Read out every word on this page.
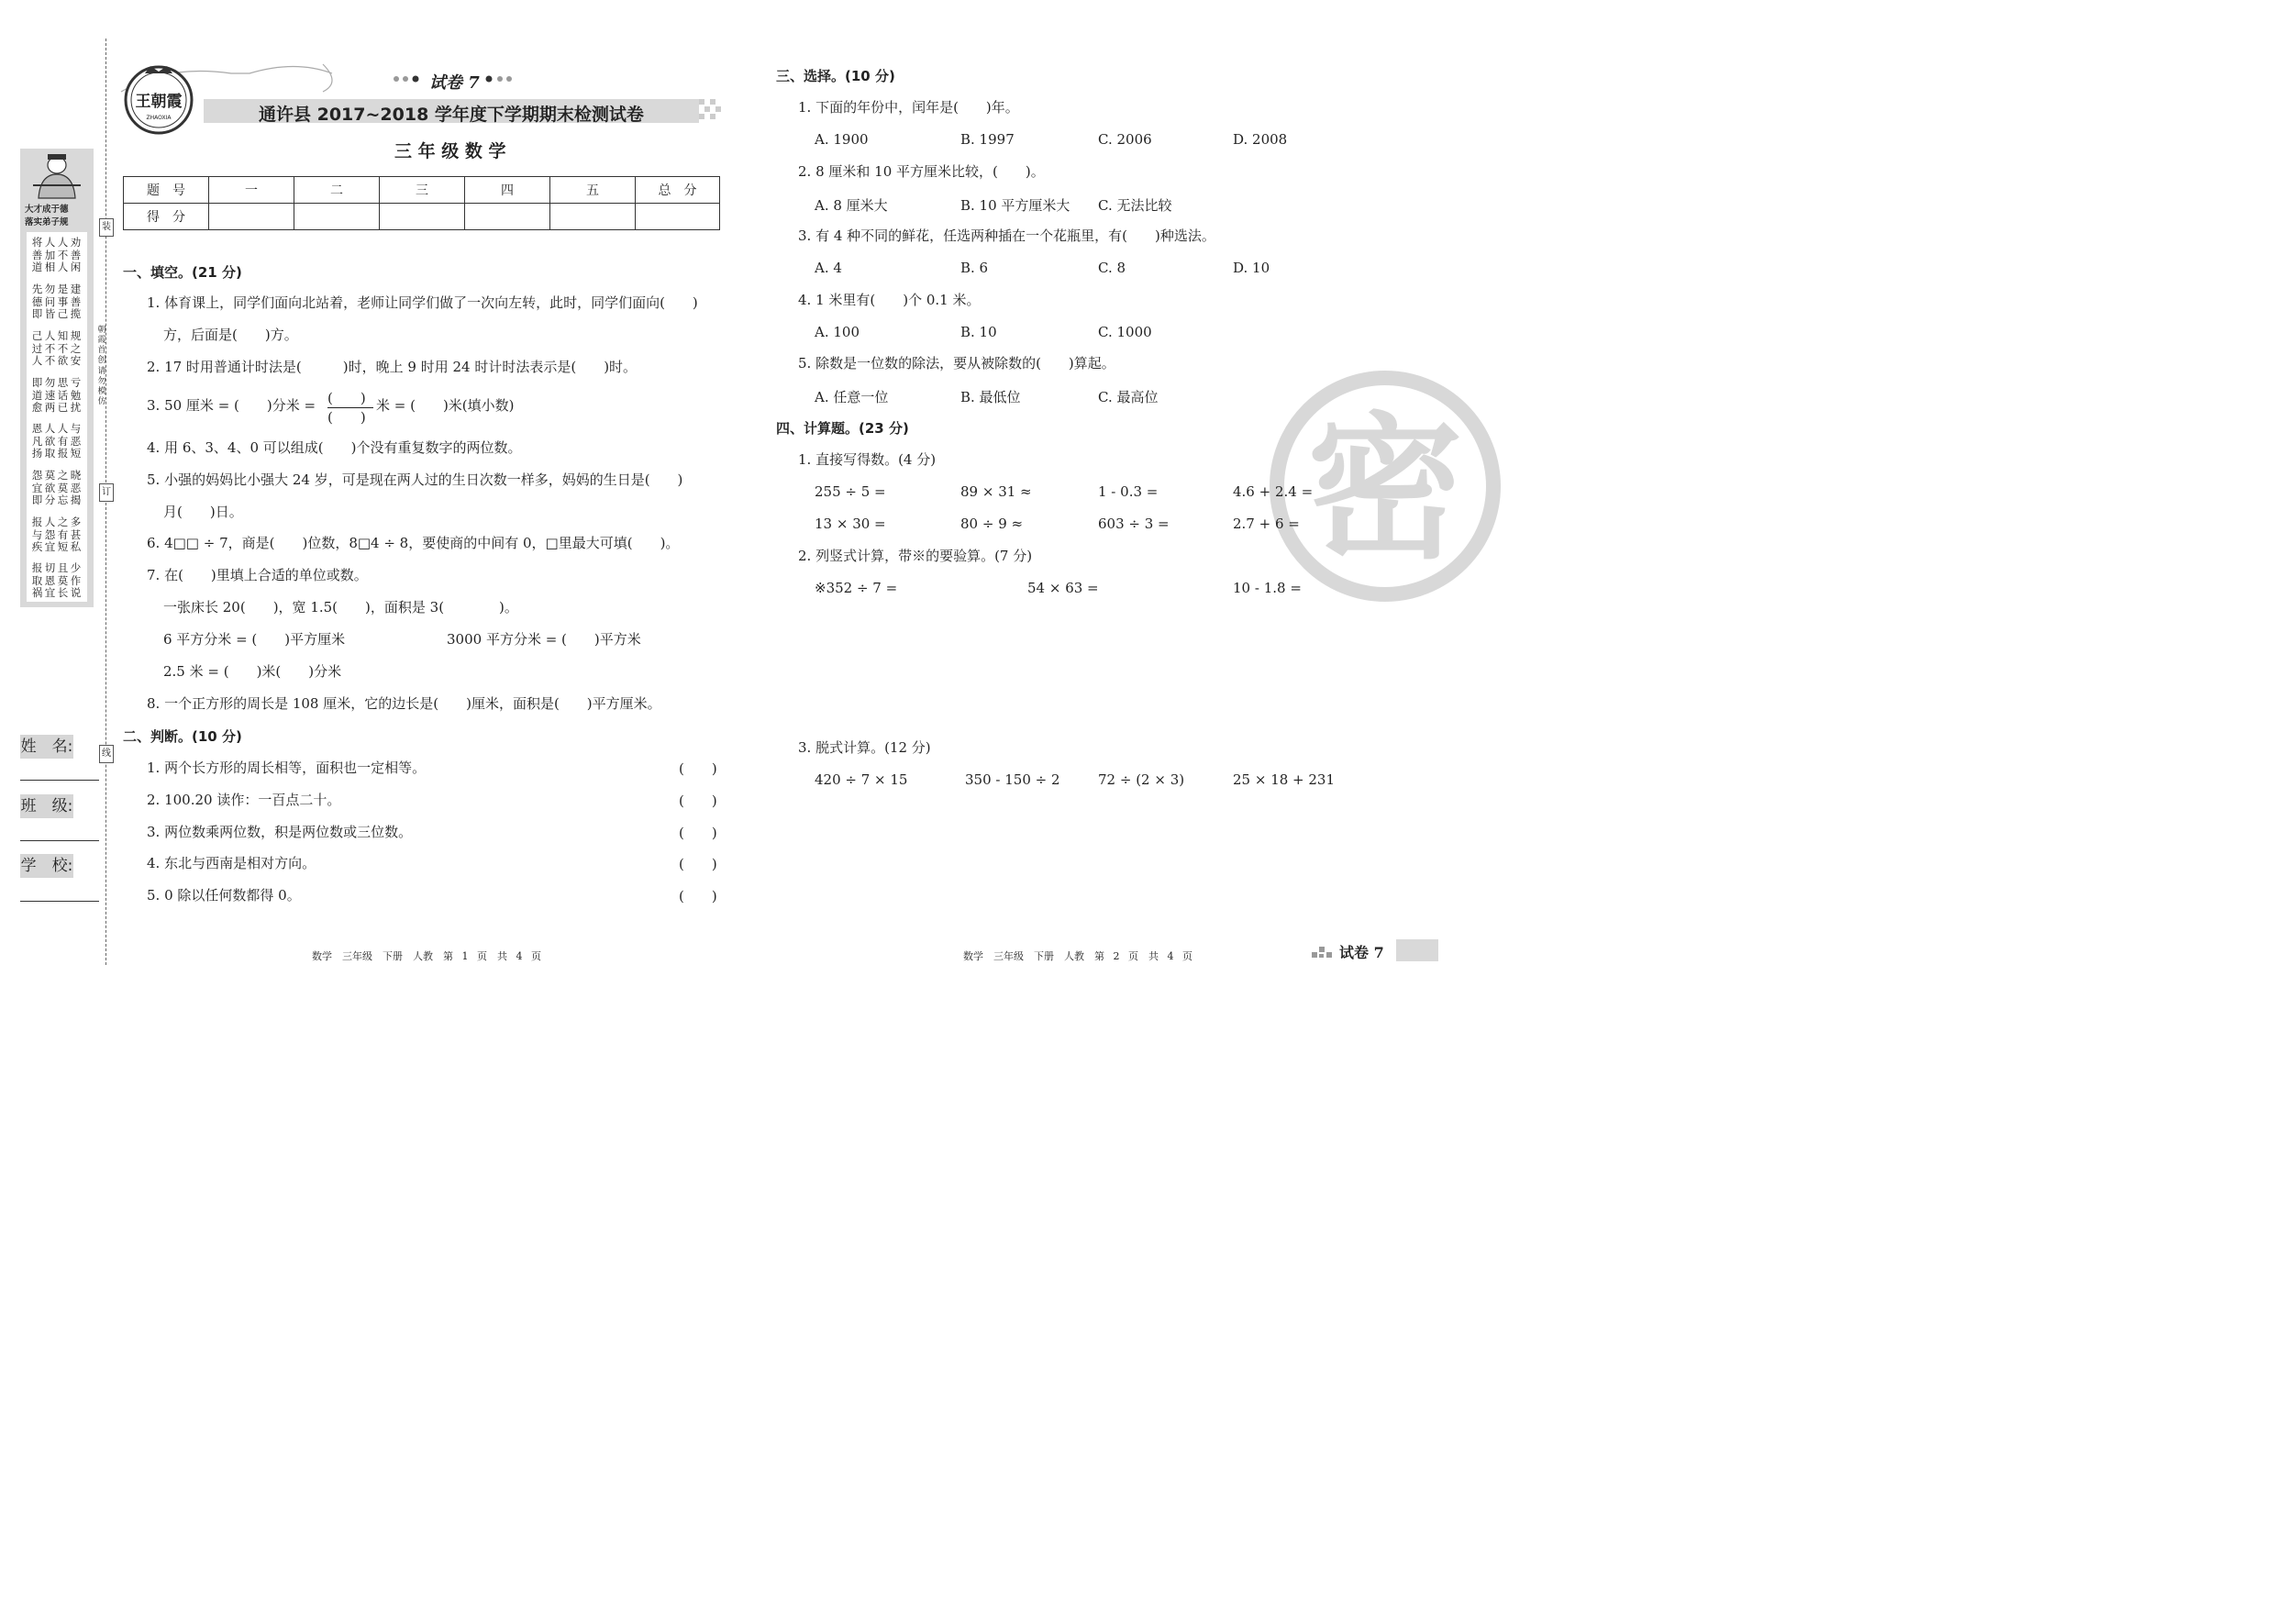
大才成于德
落实弟子规
将善道
人加相
人不人
劝善闲
先德即
勿问皆
是事己
建善揽
己过人
人不不
知不欲
规之安
即道愈
勿速两
思话已
亏勉扰
恩凡扬
人欲取
人有报
与恶短
怨宜即
莫欲分
之莫忘
晓恶揭
报与疾
人怨宜
之有短
多甚私
报取祸
切恩宜
且莫长
少作说
装
订
线
朝霞首创
请勿模仿
姓　名:
班　级:
学　校:
王朝霞
ZHAOXIA
试卷 7
通许县 2017~2018 学年度下学期期末检测试卷
三 年 级 数 学
题　号	一	二	三	四	五	总　分
得　分						
一、填空。(21 分)
1. 体育课上，同学们面向北站着，老师让同学们做了一次向左转，此时，同学们面向(　　)
方，后面是(　　)方。
2. 17 时用普通计时法是(　　　)时，晚上 9 时用 24 时计时法表示是(　　)时。
3. 50 厘米 = (　　)分米 = (　　)
(　　)
米 = (　　)米(填小数)
4. 用 6、3、4、0 可以组成(　　)个没有重复数字的两位数。
5. 小强的妈妈比小强大 24 岁，可是现在两人过的生日次数一样多，妈妈的生日是(　　)
月(　　)日。
6. 4□□ ÷ 7，商是(　　)位数，8□4 ÷ 8，要使商的中间有 0，□里最大可填(　　)。
7. 在(　　)里填上合适的单位或数。
一张床长 20(　　)，宽 1.5(　　)，面积是 3(　　　　)。
6 平方分米 = (　　)平方厘米	3000 平方分米 = (　　)平方米
2.5 米 = (　　)米(　　)分米
8. 一个正方形的周长是 108 厘米，它的边长是(　　)厘米，面积是(　　)平方厘米。
二、判断。(10 分)
1. 两个长方形的周长相等，面积也一定相等。	(　　)
2. 100.20 读作：一百点二十。	(　　)
3. 两位数乘两位数，积是两位数或三位数。	(　　)
4. 东北与西南是相对方向。	(　　)
5. 0 除以任何数都得 0。	(　　)
数学　三年级　下册　人教　第 1 页　共 4 页
密
三、选择。(10 分)
1. 下面的年份中，闰年是(　　)年。
A. 1900	B. 1997	C. 2006	D. 2008
2. 8 厘米和 10 平方厘米比较，(　　)。
A. 8 厘米大	B. 10 平方厘米大 C. 无法比较
3. 有 4 种不同的鲜花，任选两种插在一个花瓶里，有(　　)种选法。
A. 4	B. 6	C. 8	D. 10
4. 1 米里有(　　)个 0.1 米。
A. 100	B. 10	C. 1000
5. 除数是一位数的除法，要从被除数的(　　)算起。
A. 任意一位	B. 最低位	C. 最高位
四、计算题。(23 分)
1. 直接写得数。(4 分)
255 ÷ 5 =	89 × 31 ≈	1 - 0.3 =	4.6 + 2.4 =
13 × 30 =	80 ÷ 9 ≈	603 ÷ 3 =	2.7 + 6 =
2. 列竖式计算，带※的要验算。(7 分)
※352 ÷ 7 =	54 × 63 =	10 - 1.8 =
3. 脱式计算。(12 分)
420 ÷ 7 × 15	350 - 150 ÷ 2	72 ÷ (2 × 3)	25 × 18 + 231
数学　三年级　下册　人教　第 2 页　共 4 页	试卷 7
